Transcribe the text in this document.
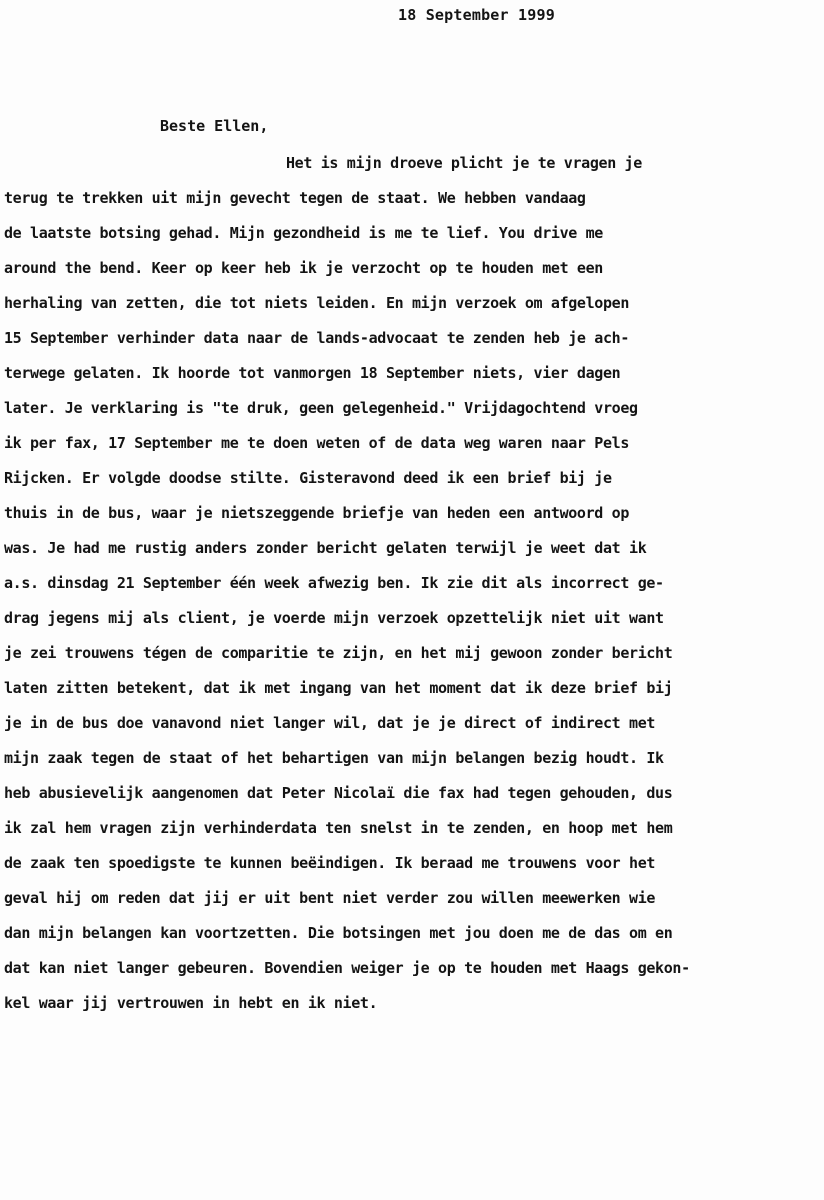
18 September 1999
Beste Ellen,
Het is mijn droeve plicht je te vragen je
terug te trekken uit mijn gevecht tegen de staat. We hebben vandaag
de laatste botsing gehad. Mijn gezondheid is me te lief. You drive me
around the bend. Keer op keer heb ik je verzocht op te houden met een
herhaling van zetten, die tot niets leiden. En mijn verzoek om afgelopen
15 September verhinder data naar de lands-advocaat te zenden heb je ach-
terwege gelaten. Ik hoorde tot vanmorgen 18 September niets, vier dagen
later. Je verklaring is "te druk, geen gelegenheid." Vrijdagochtend vroeg
ik per fax, 17 September me te doen weten of de data weg waren naar Pels
Rijcken. Er volgde doodse stilte. Gisteravond deed ik een brief bij je
thuis in de bus, waar je nietszeggende briefje van heden een antwoord op
was. Je had me rustig anders zonder bericht gelaten terwijl je weet dat ik
a.s. dinsdag 21 September één week afwezig ben. Ik zie dit als incorrect ge-
drag jegens mij als client, je voerde mijn verzoek opzettelijk niet uit want
je zei trouwens tégen de comparitie te zijn, en het mij gewoon zonder bericht
laten zitten betekent, dat ik met ingang van het moment dat ik deze brief bij
je in de bus doe vanavond niet langer wil, dat je je direct of indirect met
mijn zaak tegen de staat of het behartigen van mijn belangen bezig houdt. Ik
heb abusievelijk aangenomen dat Peter Nicolaï die fax had tegen gehouden, dus
ik zal hem vragen zijn verhinderdata ten snelst in te zenden, en hoop met hem
de zaak ten spoedigste te kunnen beëindigen. Ik beraad me trouwens voor het
geval hij om reden dat jij er uit bent niet verder zou willen meewerken wie
dan mijn belangen kan voortzetten. Die botsingen met jou doen me de das om en
dat kan niet langer gebeuren. Bovendien weiger je op te houden met Haags gekon-
kel waar jij vertrouwen in hebt en ik niet.
